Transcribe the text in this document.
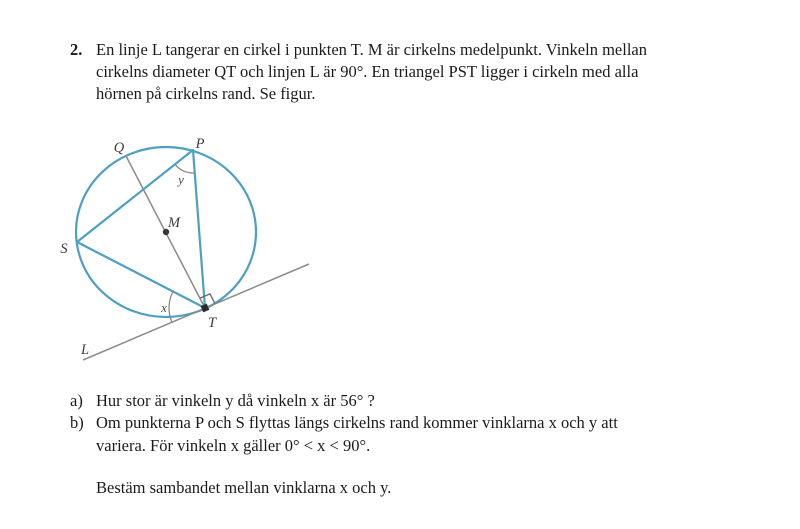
2. En linje L tangerar en cirkel i punkten T. M är cirkelns medelpunkt. Vinkeln mellan
cirkelns diameter QT och linjen L är 90°. En triangel PST ligger i cirkeln med alla
hörnen på cirkelns rand. Se figur.
Q	P
M
S
T
L
y
x
a) Hur stor är vinkeln y då vinkeln x är 56° ?
b) Om punkterna P och S flyttas längs cirkelns rand kommer vinklarna x och y att
variera. För vinkeln x gäller 0° < x < 90°.
Bestäm sambandet mellan vinklarna x och y.
